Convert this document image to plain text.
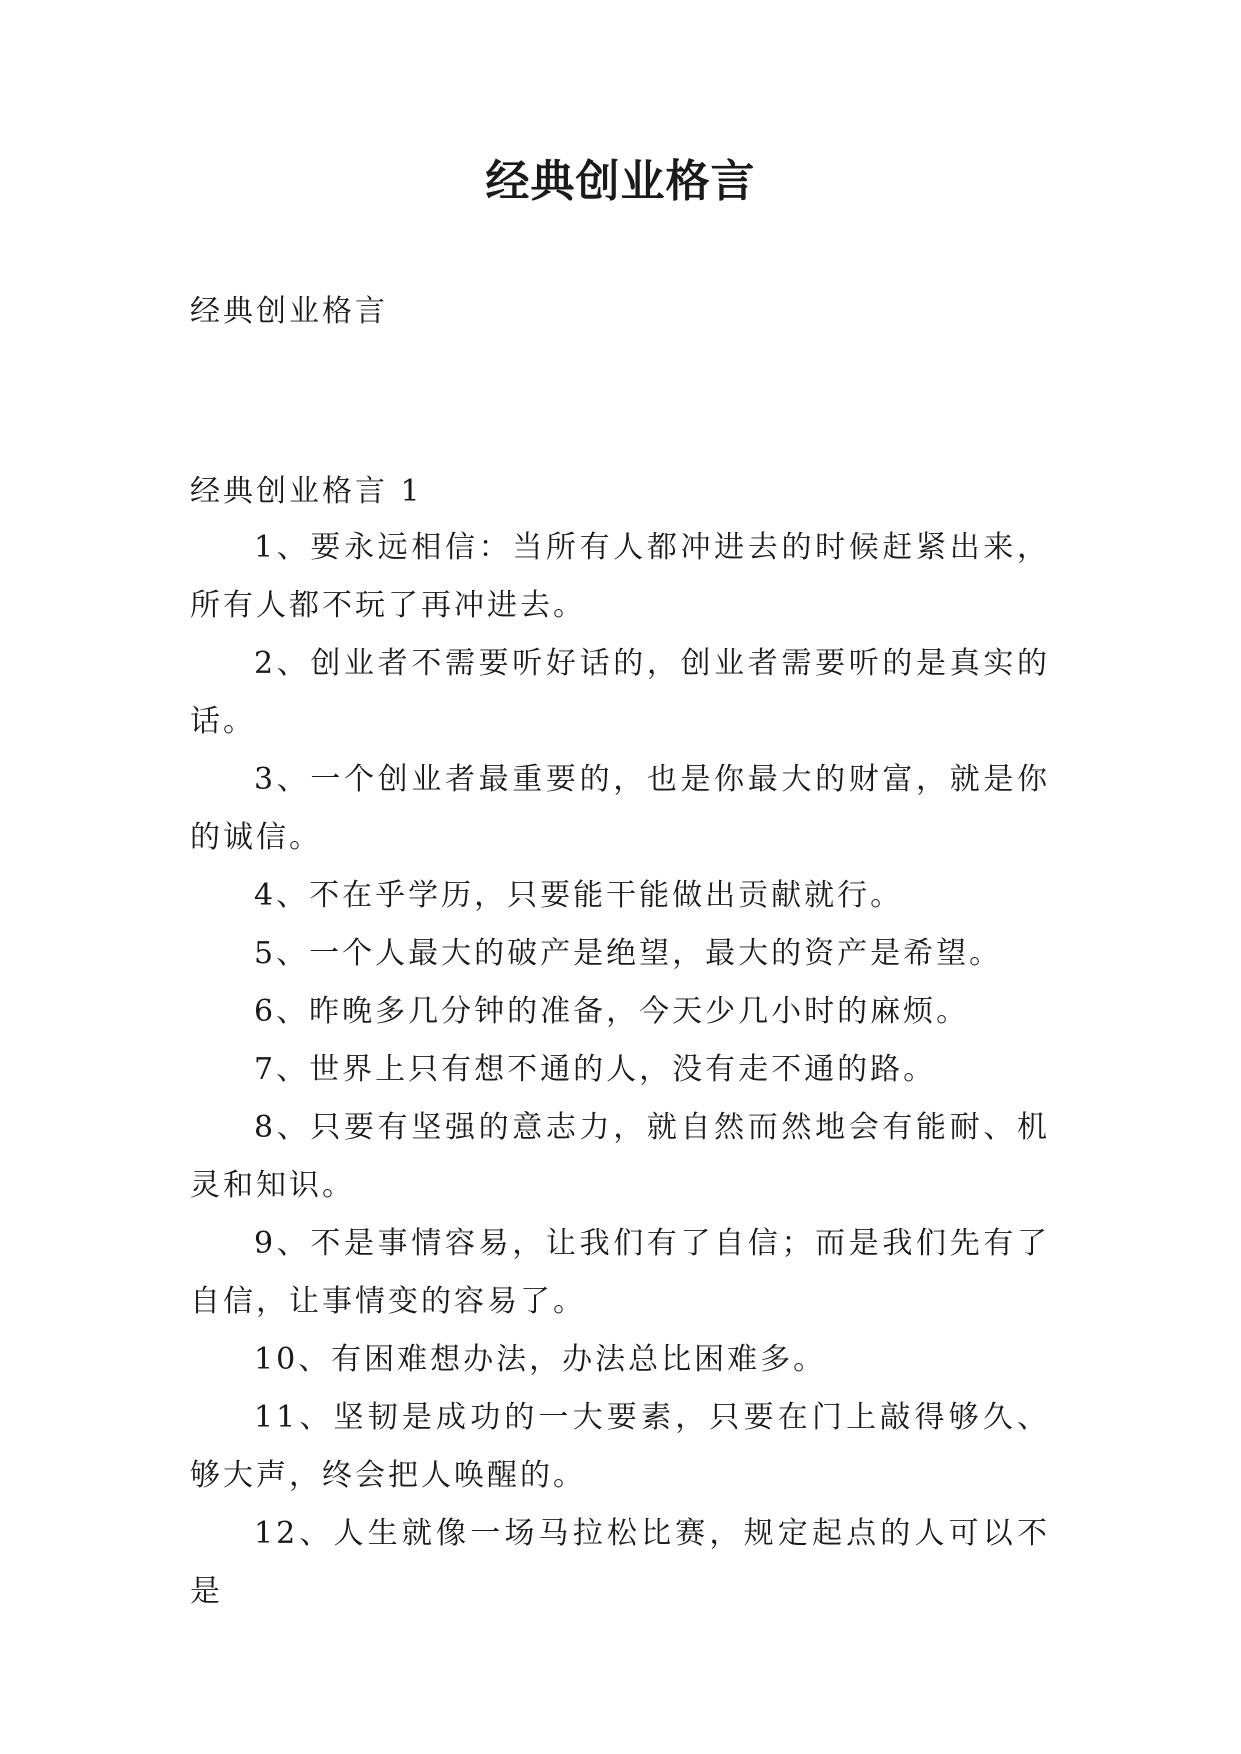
经典创业格言

经典创业格言

经典创业格言 1

1、要永远相信：当所有人都冲进去的时候赶紧出来，所有人都不玩了再冲进去。

2、创业者不需要听好话的，创业者需要听的是真实的话。

3、一个创业者最重要的，也是你最大的财富，就是你的诚信。

4、不在乎学历，只要能干能做出贡献就行。

5、一个人最大的破产是绝望，最大的资产是希望。

6、昨晚多几分钟的准备，今天少几小时的麻烦。

7、世界上只有想不通的人，没有走不通的路。

8、只要有坚强的意志力，就自然而然地会有能耐、机灵和知识。

9、不是事情容易，让我们有了自信；而是我们先有了自信，让事情变的容易了。

10、有困难想办法，办法总比困难多。

11、坚韧是成功的一大要素，只要在门上敲得够久、够大声，终会把人唤醒的。

12、人生就像一场马拉松比赛，规定起点的人可以不是
